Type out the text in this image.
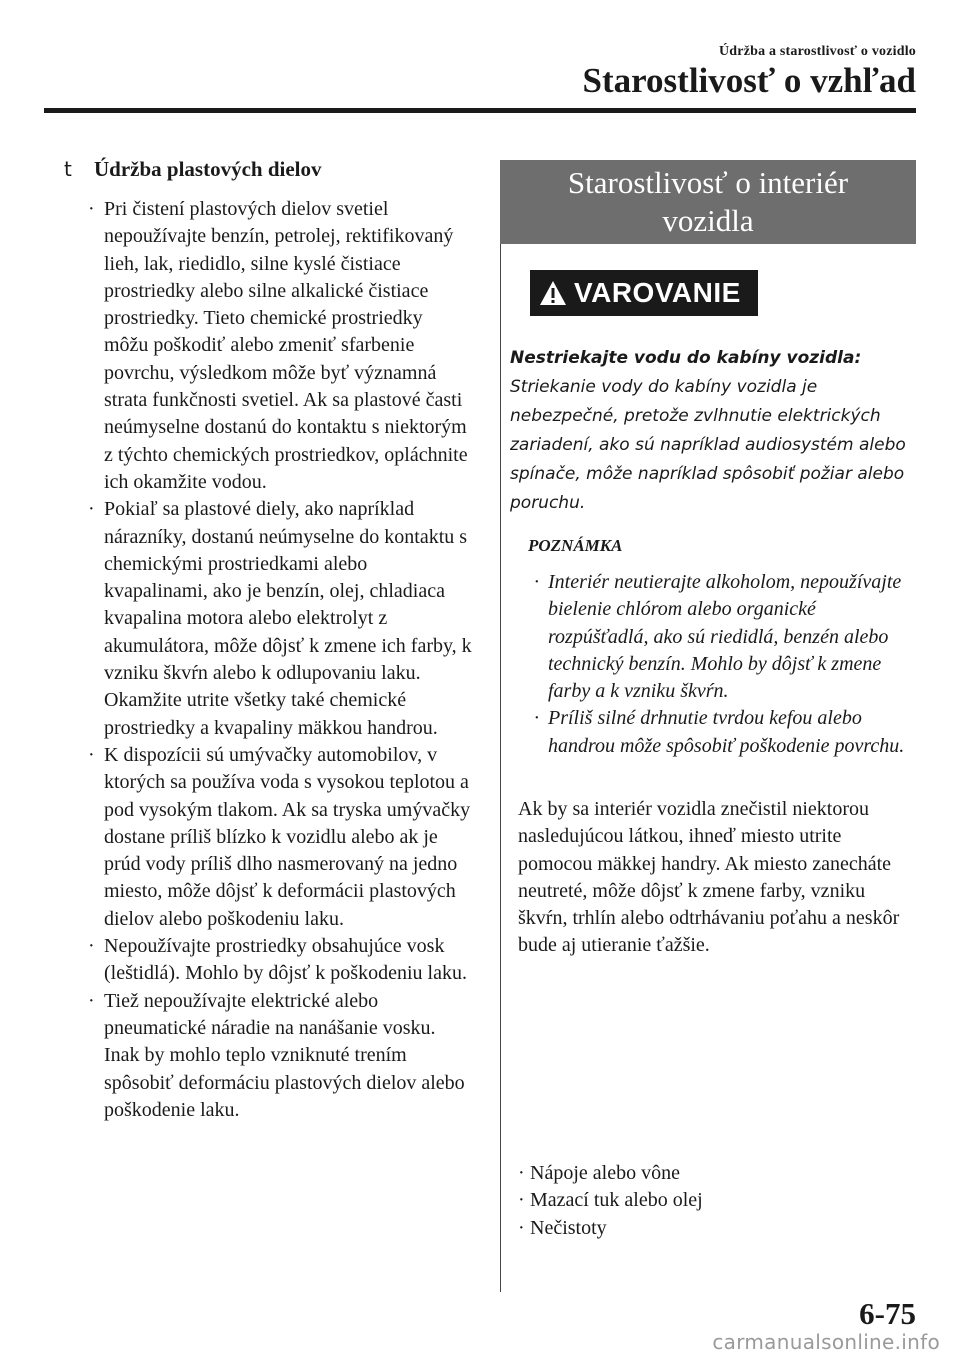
Údržba a starostlivosť o vozidlo
Starostlivosť o vzhľad
t	Údržba plastových dielov
· Pri čistení plastových dielov svetiel nepoužívajte benzín, petrolej, rektifikovaný lieh, lak, riedidlo, silne kyslé čistiace prostriedky alebo silne alkalické čistiace prostriedky. Tieto chemické prostriedky môžu poškodiť alebo zmeniť sfarbenie povrchu, výsledkom môže byť významná strata funkčnosti svetiel. Ak sa plastové časti neúmyselne dostanú do kontaktu s niektorým z týchto chemických prostriedkov, opláchnite ich okamžite vodou.
· Pokiaľ sa plastové diely, ako napríklad nárazníky, dostanú neúmyselne do kontaktu s chemickými prostriedkami alebo kvapalinami, ako je benzín, olej, chladiaca kvapalina motora alebo elektrolyt z akumulátora, môže dôjsť k zmene ich farby, k vzniku škvŕn alebo k odlupovaniu laku. Okamžite utrite všetky také chemické prostriedky a kvapaliny mäkkou handrou.
· K dispozícii sú umývačky automobilov, v ktorých sa používa voda s vysokou teplotou a pod vysokým tlakom. Ak sa tryska umývačky dostane príliš blízko k vozidlu alebo ak je prúd vody príliš dlho nasmerovaný na jedno miesto, môže dôjsť k deformácii plastových dielov alebo poškodeniu laku.
· Nepoužívajte prostriedky obsahujúce vosk (leštidlá). Mohlo by dôjsť k poškodeniu laku.
· Tiež nepoužívajte elektrické alebo pneumatické náradie na nanášanie vosku. Inak by mohlo teplo vzniknuté trením spôsobiť deformáciu plastových dielov alebo poškodenie laku.
Starostlivosť o interiér
vozidla
VAROVANIE
Nestriekajte vodu do kabíny vozidla:
Striekanie vody do kabíny vozidla je nebezpečné, pretože zvlhnutie elektrických zariadení, ako sú napríklad audiosystém alebo spínače, môže napríklad spôsobiť požiar alebo poruchu.
POZNÁMKA
· Interiér neutierajte alkoholom, nepoužívajte bielenie chlórom alebo organické rozpúšťadlá, ako sú riedidlá, benzén alebo technický benzín. Mohlo by dôjsť k zmene farby a k vzniku škvŕn.
· Príliš silné drhnutie tvrdou kefou alebo handrou môže spôsobiť poškodenie povrchu.
Ak by sa interiér vozidla znečistil niektorou nasledujúcou látkou, ihneď miesto utrite pomocou mäkkej handry. Ak miesto zanecháte neutreté, môže dôjsť k zmene farby, vzniku škvŕn, trhlín alebo odtrhávaniu poťahu a neskôr bude aj utieranie ťažšie.
· Nápoje alebo vône
· Mazací tuk alebo olej
· Nečistoty
6-75
carmanualsonline.info
